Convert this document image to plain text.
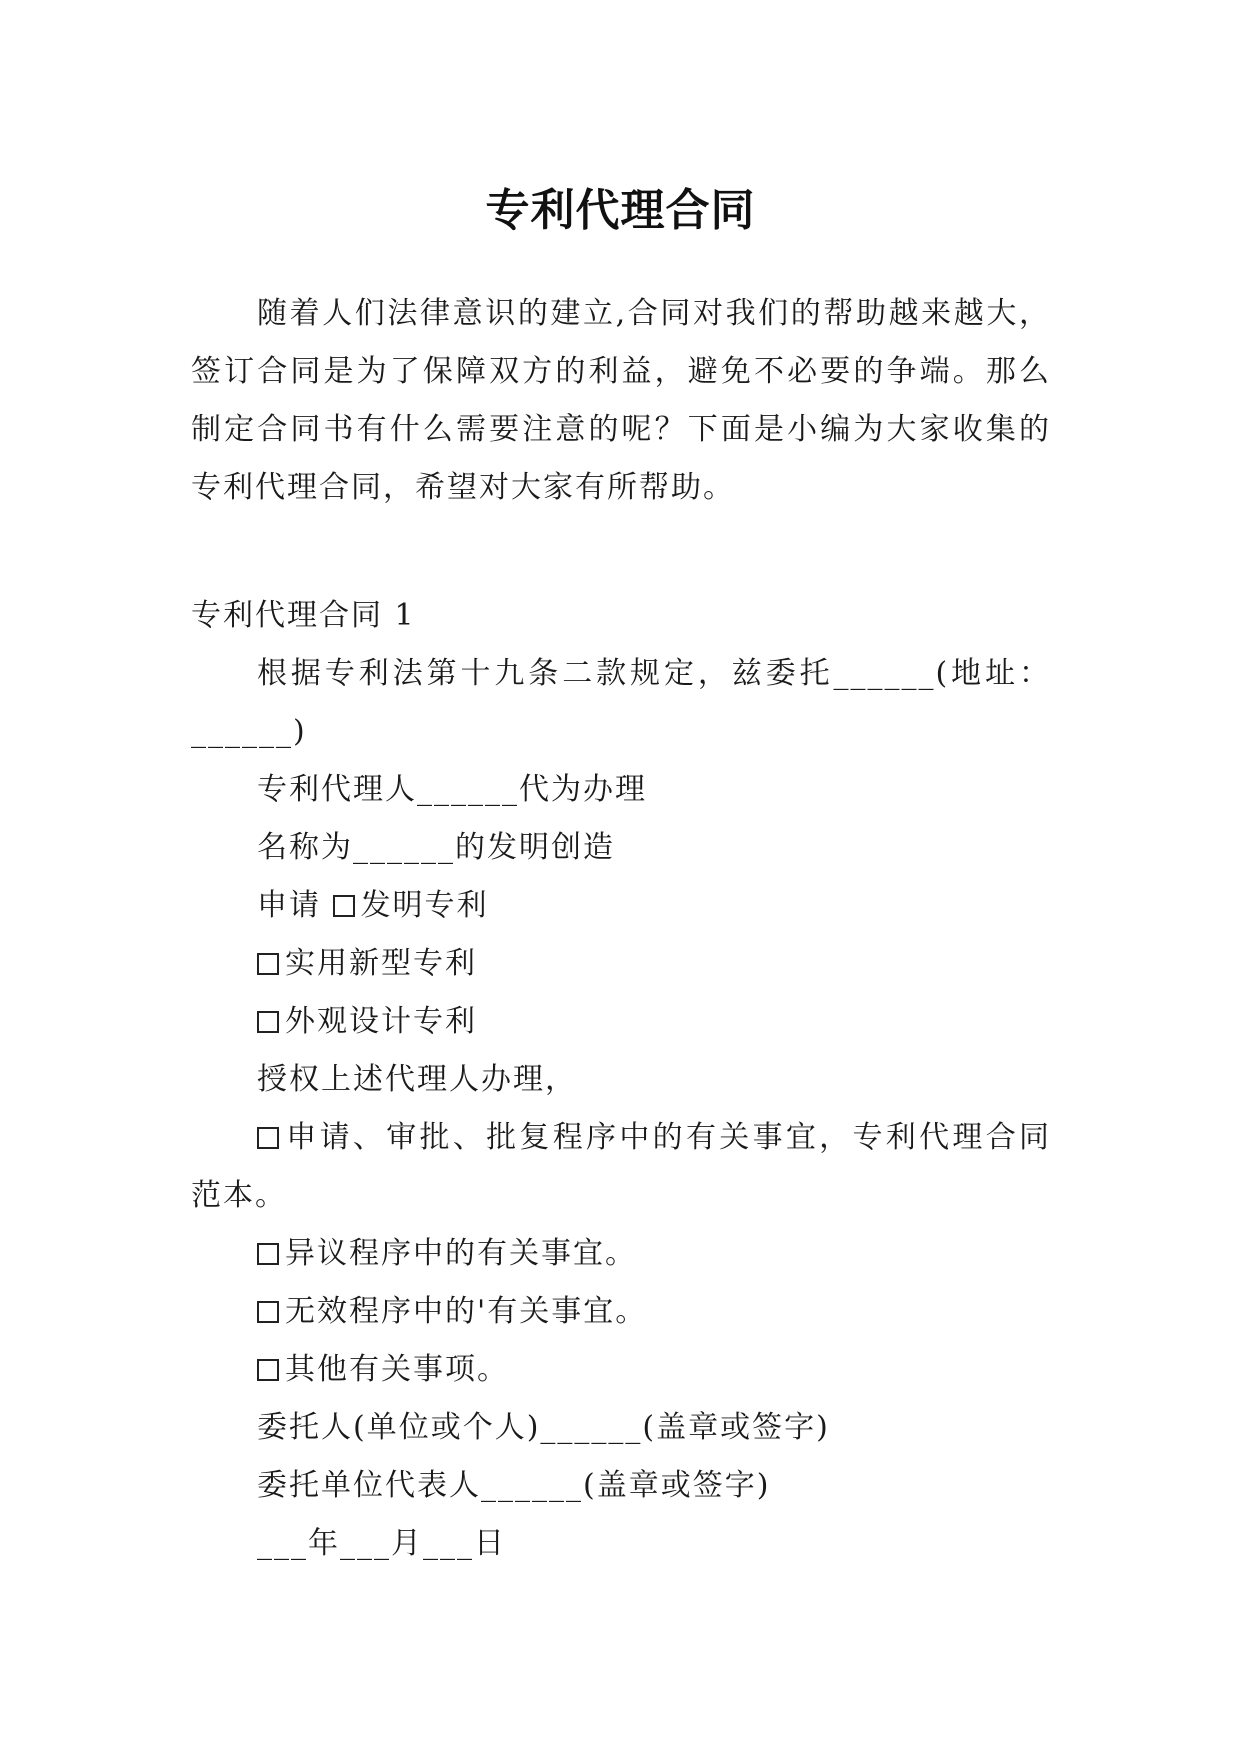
专利代理合同

随着人们法律意识的建立,合同对我们的帮助越来越大，签订合同是为了保障双方的利益，避免不必要的争端。那么制定合同书有什么需要注意的呢？下面是小编为大家收集的专利代理合同，希望对大家有所帮助。

专利代理合同 1

根据专利法第十九条二款规定，兹委托______(地址：______)

专利代理人______代为办理

名称为______的发明创造

申请 发明专利

实用新型专利

外观设计专利

授权上述代理人办理，

申请、审批、批复程序中的有关事宜，专利代理合同范本。

异议程序中的有关事宜。

无效程序中的'有关事宜。

其他有关事项。

委托人(单位或个人)______(盖章或签字)

委托单位代表人______(盖章或签字)

___年___月___日
